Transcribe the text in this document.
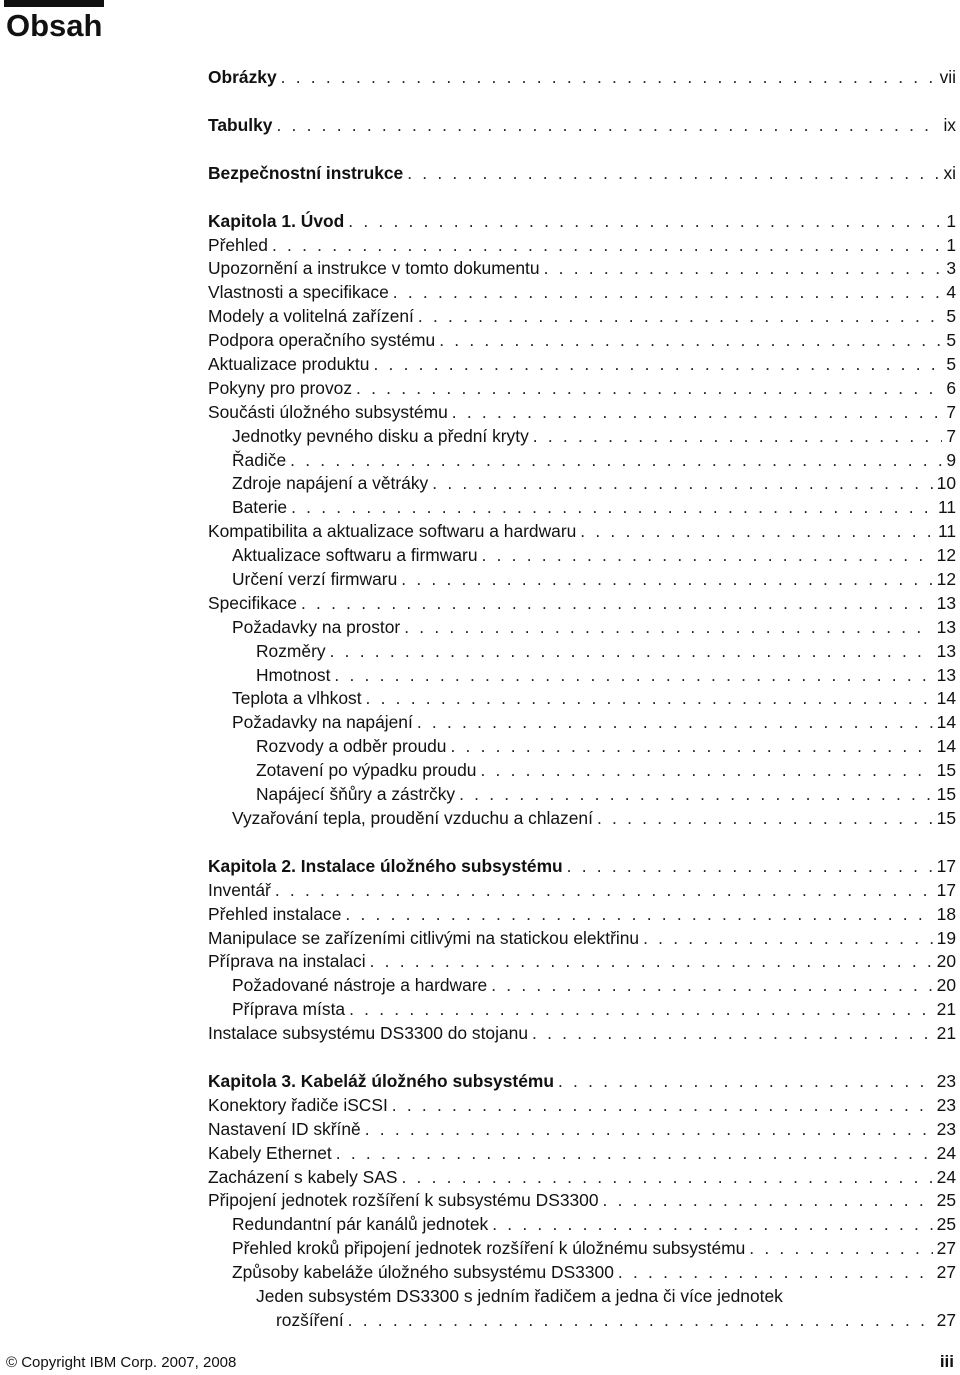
Obsah
Obrázky . . .	vii
Tabulky . . .	ix
Bezpečnostní instrukce . . .	xi
Kapitola 1. Úvod . . .	1
Přehled . . .	1
Upozornění a instrukce v tomto dokumentu . . .	3
Vlastnosti a specifikace . . .	4
Modely a volitelná zařízení . . .	5
Podpora operačního systému . . .	5
Aktualizace produktu . . .	5
Pokyny pro provoz . . .	6
Součásti úložného subsystému . . .	7
Jednotky pevného disku a přední kryty . . .	7
Řadiče . . .	9
Zdroje napájení a větráky . . .	10
Baterie . . .	11
Kompatibilita a aktualizace softwaru a hardwaru . . .	11
Aktualizace softwaru a firmwaru . . .	12
Určení verzí firmwaru . . .	12
Specifikace . . .	13
Požadavky na prostor . . .	13
Rozměry . . .	13
Hmotnost . . .	13
Teplota a vlhkost . . .	14
Požadavky na napájení . . .	14
Rozvody a odběr proudu . . .	14
Zotavení po výpadku proudu . . .	15
Napájecí šňůry a zástrčky . . .	15
Vyzařování tepla, proudění vzduchu a chlazení . . .	15
Kapitola 2. Instalace úložného subsystému . . .	17
Inventář . . .	17
Přehled instalace . . .	18
Manipulace se zařízeními citlivými na statickou elektřinu . . .	19
Příprava na instalaci . . .	20
Požadované nástroje a hardware . . .	20
Příprava místa . . .	21
Instalace subsystému DS3300 do stojanu . . .	21
Kapitola 3. Kabeláž úložného subsystému . . .	23
Konektory řadiče iSCSI . . .	23
Nastavení ID skříně . . .	23
Kabely Ethernet . . .	24
Zacházení s kabely SAS . . .	24
Připojení jednotek rozšíření k subsystému DS3300 . . .	25
Redundantní pár kanálů jednotek . . .	25
Přehled kroků připojení jednotek rozšíření k úložnému subsystému . . .	27
Způsoby kabeláže úložného subsystému DS3300 . . .	27
Jeden subsystém DS3300 s jedním řadičem a jedna či více jednotek
rozšíření . . .	27
© Copyright IBM Corp. 2007, 2008	iii
